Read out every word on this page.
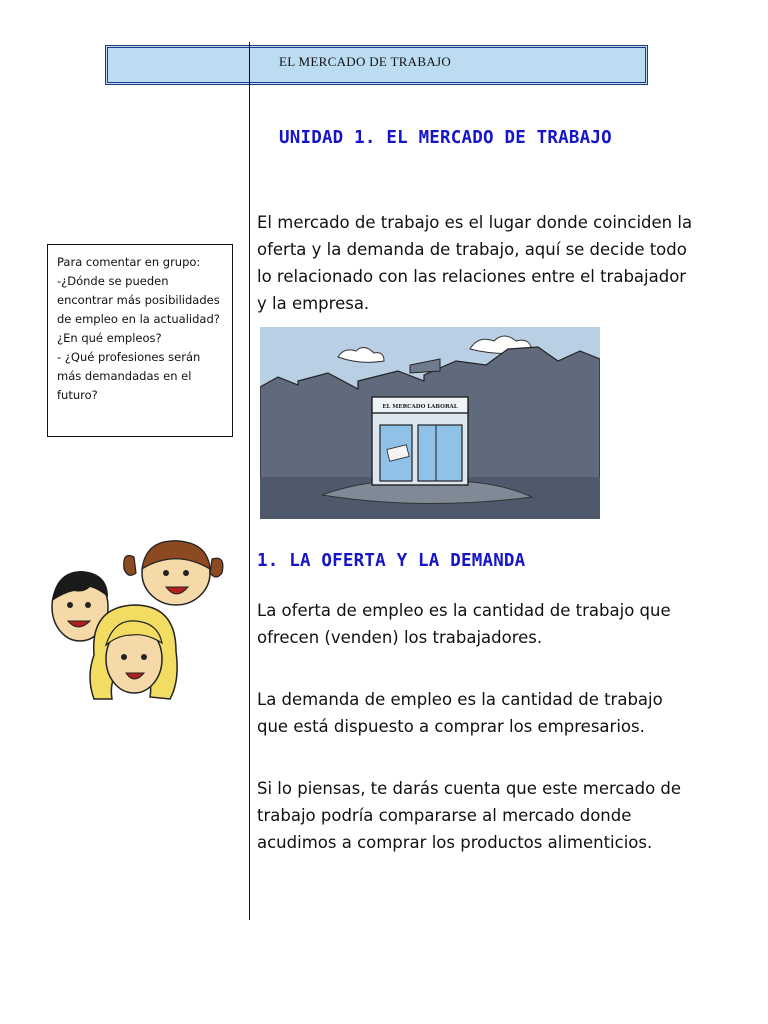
EL MERCADO DE TRABAJO
UNIDAD 1. EL MERCADO DE TRABAJO

El mercado de trabajo es el lugar donde coinciden la oferta y la demanda de trabajo, aquí se decide todo lo relacionado con las relaciones entre el trabajador y la empresa.

Para comentar en grupo:
-¿Dónde se pueden encontrar más posibilidades de empleo en la actualidad? ¿En qué empleos?
- ¿Qué profesiones serán más demandadas en el futuro?
EL MERCADO LABORAL
1. LA OFERTA Y LA DEMANDA

La oferta de empleo es la cantidad de trabajo que ofrecen (venden) los trabajadores.

La demanda de empleo es la cantidad de trabajo que está dispuesto a comprar los empresarios.

Si lo piensas, te darás cuenta que este mercado de trabajo podría compararse al mercado donde acudimos a comprar los productos alimenticios.
